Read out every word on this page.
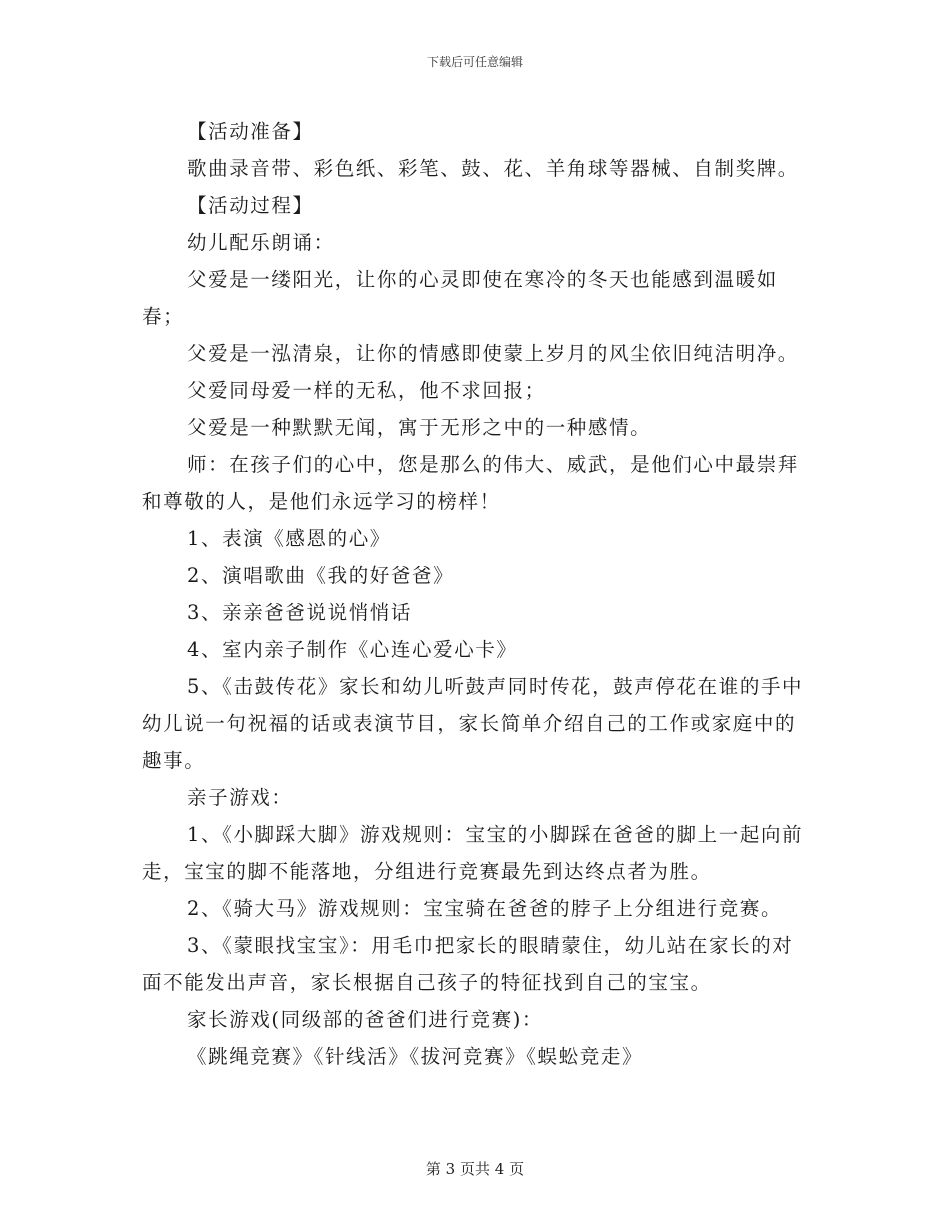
下载后可任意编辑

【活动准备】

歌曲录音带、彩色纸、彩笔、鼓、花、羊角球等器械、自制奖牌。

【活动过程】

幼儿配乐朗诵：

父爱是一缕阳光，让你的心灵即使在寒冷的冬天也能感到温暖如春；

父爱是一泓清泉，让你的情感即使蒙上岁月的风尘依旧纯洁明净。

父爱同母爱一样的无私，他不求回报；

父爱是一种默默无闻，寓于无形之中的一种感情。

师：在孩子们的心中，您是那么的伟大、威武，是他们心中最崇拜和尊敬的人，是他们永远学习的榜样！

1、表演《感恩的心》

2、演唱歌曲《我的好爸爸》

3、亲亲爸爸说说悄悄话

4、室内亲子制作《心连心爱心卡》

5、《击鼓传花》家长和幼儿听鼓声同时传花，鼓声停花在谁的手中幼儿说一句祝福的话或表演节目，家长简单介绍自己的工作或家庭中的趣事。

亲子游戏：

1、《小脚踩大脚》游戏规则：宝宝的小脚踩在爸爸的脚上一起向前走，宝宝的脚不能落地，分组进行竞赛最先到达终点者为胜。

2、《骑大马》游戏规则：宝宝骑在爸爸的脖子上分组进行竞赛。

3、《蒙眼找宝宝》：用毛巾把家长的眼睛蒙住，幼儿站在家长的对面不能发出声音，家长根据自己孩子的特征找到自己的宝宝。

家长游戏(同级部的爸爸们进行竞赛)：

《跳绳竞赛》《针线活》《拔河竞赛》《蜈蚣竞走》

第 3 页共 4 页
